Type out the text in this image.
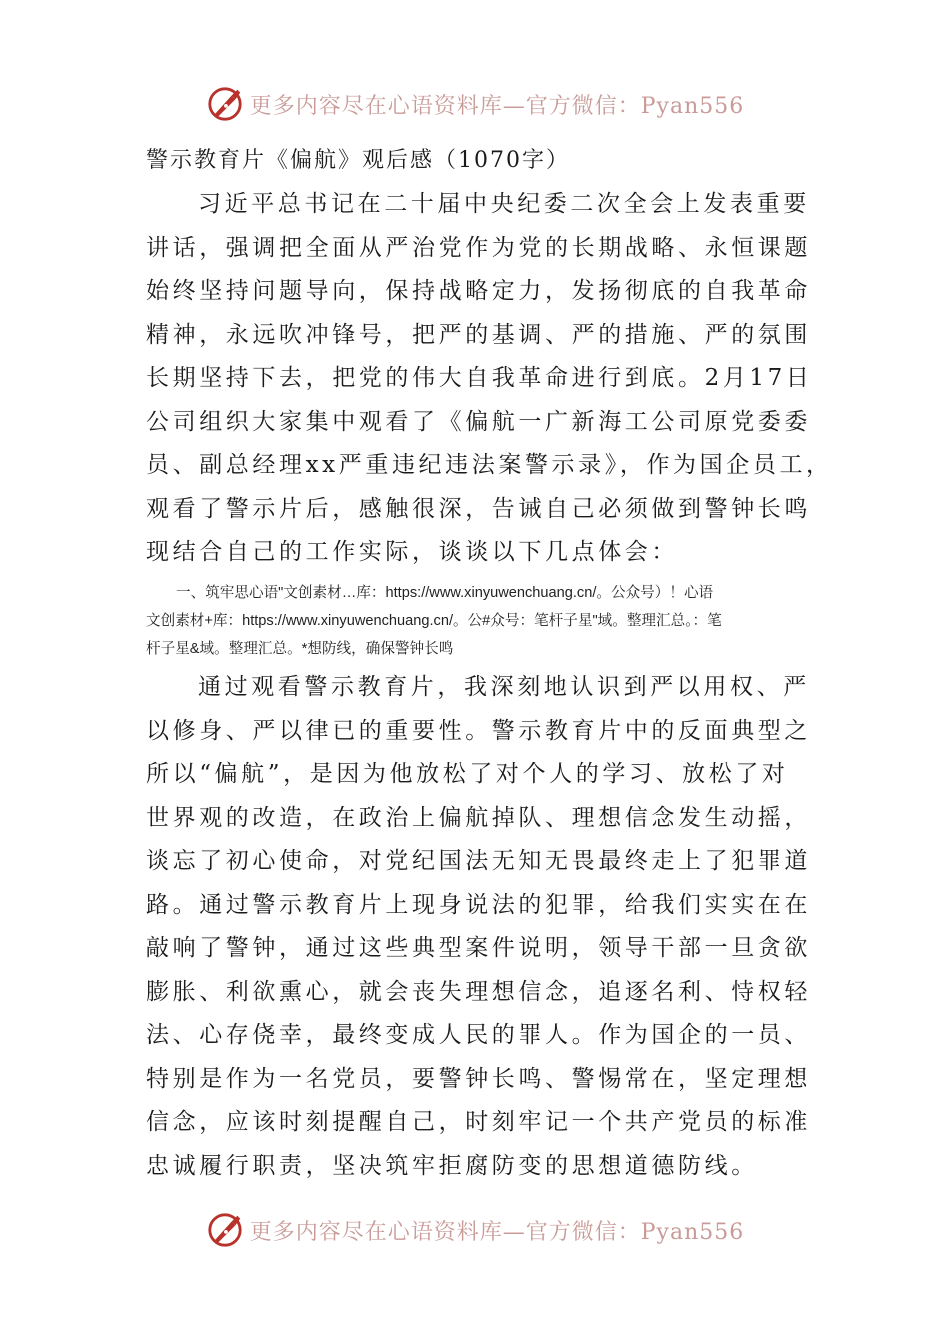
更多内容尽在心语资料库—官方微信：Pyan556
警示教育片《偏航》观后感（1070字）
习近平总书记在二十届中央纪委二次全会上发表重要
讲话，强调把全面从严治党作为党的长期战略、永恒课题
始终坚持问题导向，保持战略定力，发扬彻底的自我革命
精神，永远吹冲锋号，把严的基调、严的措施、严的氛围
长期坚持下去，把党的伟大自我革命进行到底。2月17日
公司组织大家集中观看了《偏航一广新海工公司原党委委
员、副总经理xx严重违纪违法案警示录》，作为国企员工，
观看了警示片后，感触很深，告诫自己必须做到警钟长鸣
现结合自己的工作实际，谈谈以下几点体会：
一、筑牢思心语"文创素材…库：https://www.xinyuwenchuang.cn/。公众号）！心语
文创素材+库：https://www.xinyuwenchuang.cn/。公#众号：笔杆子星"域。整理汇总。：笔
杆子星&域。整理汇总。*想防线，确保警钟长鸣
通过观看警示教育片，我深刻地认识到严以用权、严
以修身、严以律已的重要性。警示教育片中的反面典型之
所以“偏航”，是因为他放松了对个人的学习、放松了对
世界观的改造，在政治上偏航掉队、理想信念发生动摇，
谈忘了初心使命，对党纪国法无知无畏最终走上了犯罪道
路。通过警示教育片上现身说法的犯罪，给我们实实在在
敲响了警钟，通过这些典型案件说明，领导干部一旦贪欲
膨胀、利欲熏心，就会丧失理想信念，追逐名利、恃权轻
法、心存侥幸，最终变成人民的罪人。作为国企的一员、
特别是作为一名党员，要警钟长鸣、警惕常在，坚定理想
信念，应该时刻提醒自己，时刻牢记一个共产党员的标准
忠诚履行职责，坚决筑牢拒腐防变的思想道德防线。
更多内容尽在心语资料库—官方微信：Pyan556
